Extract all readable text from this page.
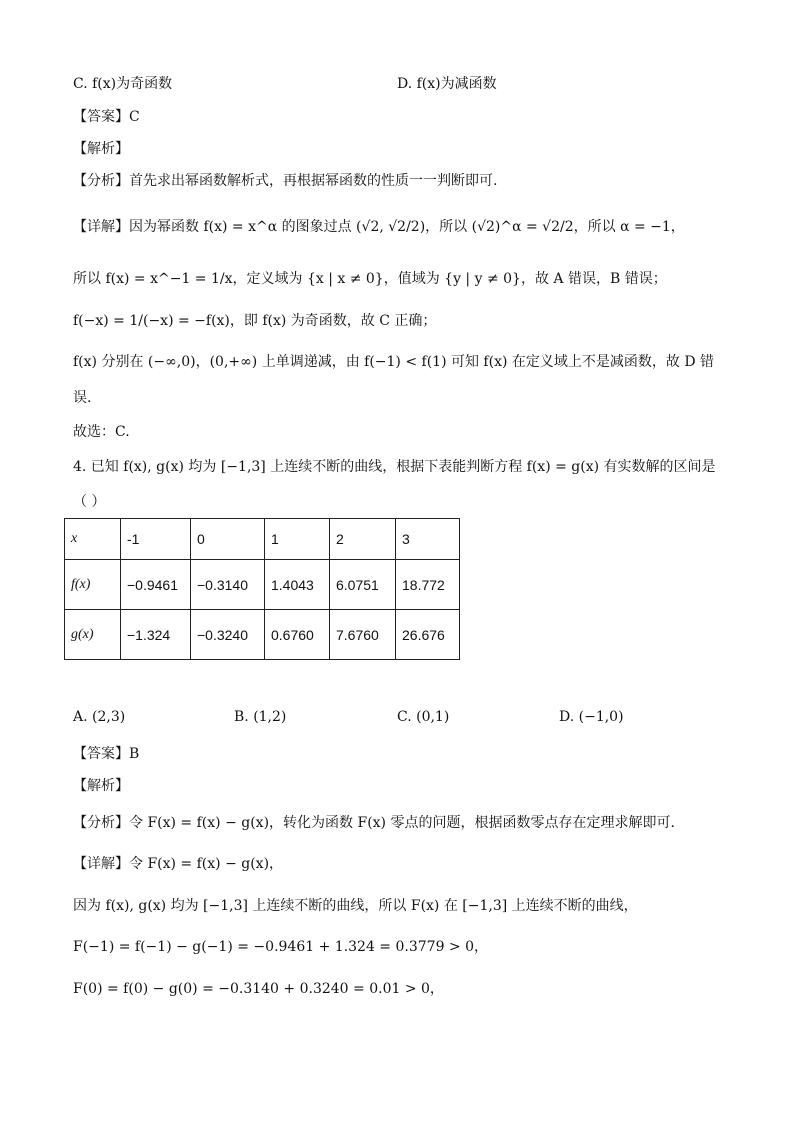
C. f(x)为奇函数	D. f(x)为减函数
【答案】C
【解析】
【分析】首先求出幂函数解析式，再根据幂函数的性质一一判断即可.
【详解】因为幂函数 f(x) = x^α 的图象过点 (√2, √2/2)，所以 (√2)^α = √2/2，所以 α = −1，
所以 f(x) = x^−1 = 1/x，定义域为 {x | x ≠ 0}，值域为 {y | y ≠ 0}，故 A 错误，B 错误；
f(−x) = 1/(−x) = −f(x)，即 f(x) 为奇函数，故 C 正确；
f(x) 分别在 (−∞,0)，(0,+∞) 上单调递减，由 f(−1) < f(1) 可知 f(x) 在定义域上不是减函数，故 D 错
误.
故选：C.
4. 已知 f(x), g(x) 均为 [−1,3] 上连续不断的曲线，根据下表能判断方程 f(x) = g(x) 有实数解的区间是
（ ）
x	-1	0	1	2	3
f(x)	−0.9461	−0.3140	1.4043	6.0751	18.772
g(x)	−1.324	−0.3240	0.6760	7.6760	26.676
A. (2,3)	B. (1,2)	C. (0,1)	D. (−1,0)
【答案】B
【解析】
【分析】令 F(x) = f(x) − g(x)，转化为函数 F(x) 零点的问题，根据函数零点存在定理求解即可.
【详解】令 F(x) = f(x) − g(x)，
因为 f(x), g(x) 均为 [−1,3] 上连续不断的曲线，所以 F(x) 在 [−1,3] 上连续不断的曲线，
F(−1) = f(−1) − g(−1) = −0.9461 + 1.324 = 0.3779 > 0，
F(0) = f(0) − g(0) = −0.3140 + 0.3240 = 0.01 > 0，
